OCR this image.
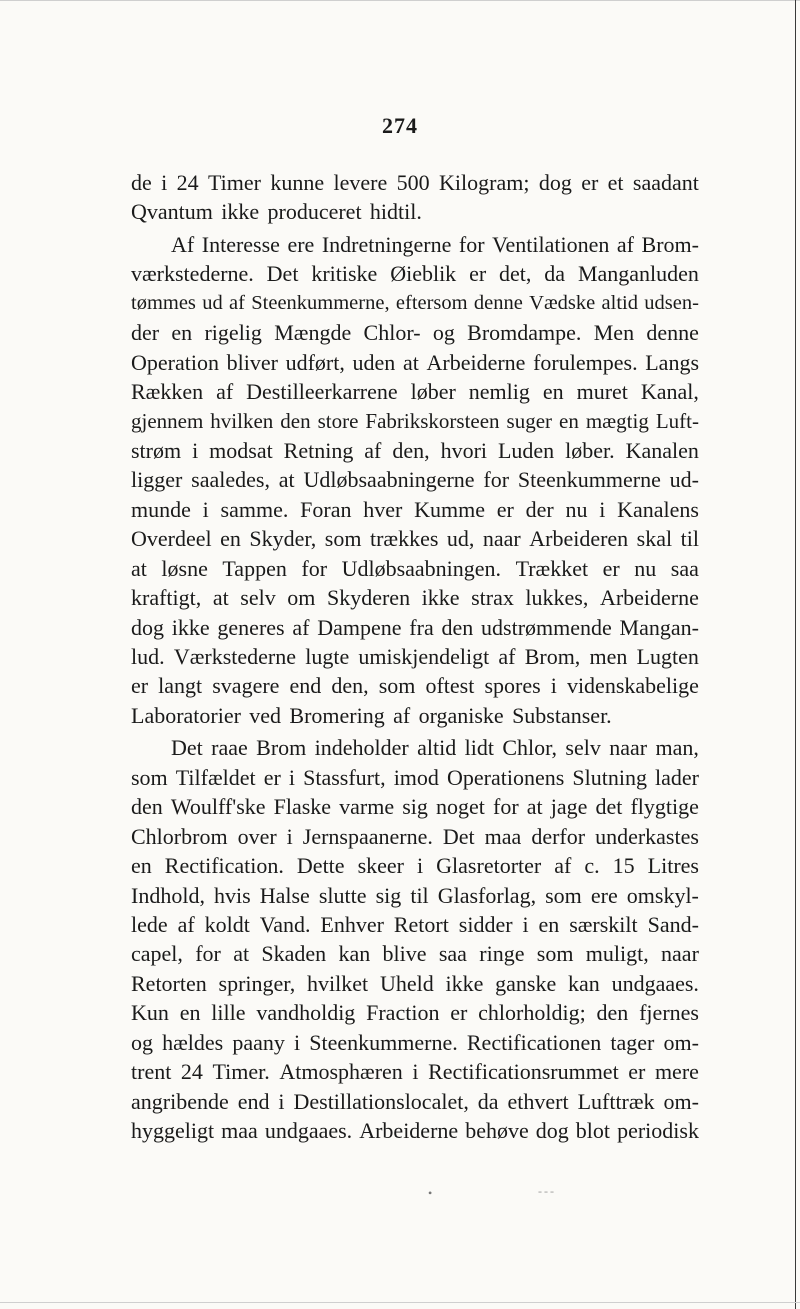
274
de i 24 Timer kunne levere 500 Kilogram; dog er et saadant
Qvantum ikke produceret hidtil.
Af Interesse ere Indretningerne for Ventilationen af Brom-
værkstederne. Det kritiske Øieblik er det, da Manganluden
tømmes ud af Steenkummerne, eftersom denne Vædske altid udsen-
der en rigelig Mængde Chlor- og Bromdampe. Men denne
Operation bliver udført, uden at Arbeiderne forulempes. Langs
Rækken af Destilleerkarrene løber nemlig en muret Kanal,
gjennem hvilken den store Fabrikskorsteen suger en mægtig Luft-
strøm i modsat Retning af den, hvori Luden løber. Kanalen
ligger saaledes, at Udløbsaabningerne for Steenkummerne ud-
munde i samme. Foran hver Kumme er der nu i Kanalens
Overdeel en Skyder, som trækkes ud, naar Arbeideren skal til
at løsne Tappen for Udløbsaabningen. Trækket er nu saa
kraftigt, at selv om Skyderen ikke strax lukkes, Arbeiderne
dog ikke generes af Dampene fra den udstrømmende Mangan-
lud. Værkstederne lugte umiskjendeligt af Brom, men Lugten
er langt svagere end den, som oftest spores i videnskabelige
Laboratorier ved Bromering af organiske Substanser.
Det raae Brom indeholder altid lidt Chlor, selv naar man,
som Tilfældet er i Stassfurt, imod Operationens Slutning lader
den Woulff'ske Flaske varme sig noget for at jage det flygtige
Chlorbrom over i Jernspaanerne. Det maa derfor underkastes
en Rectification. Dette skeer i Glasretorter af c. 15 Litres
Indhold, hvis Halse slutte sig til Glasforlag, som ere omskyl-
lede af koldt Vand. Enhver Retort sidder i en særskilt Sand-
capel, for at Skaden kan blive saa ringe som muligt, naar
Retorten springer, hvilket Uheld ikke ganske kan undgaaes.
Kun en lille vandholdig Fraction er chlorholdig; den fjernes
og hældes paany i Steenkummerne. Rectificationen tager om-
trent 24 Timer. Atmosphæren i Rectificationsrummet er mere
angribende end i Destillationslocalet, da ethvert Lufttræk om-
hyggeligt maa undgaaes. Arbeiderne behøve dog blot periodisk
•	‐‑‐
